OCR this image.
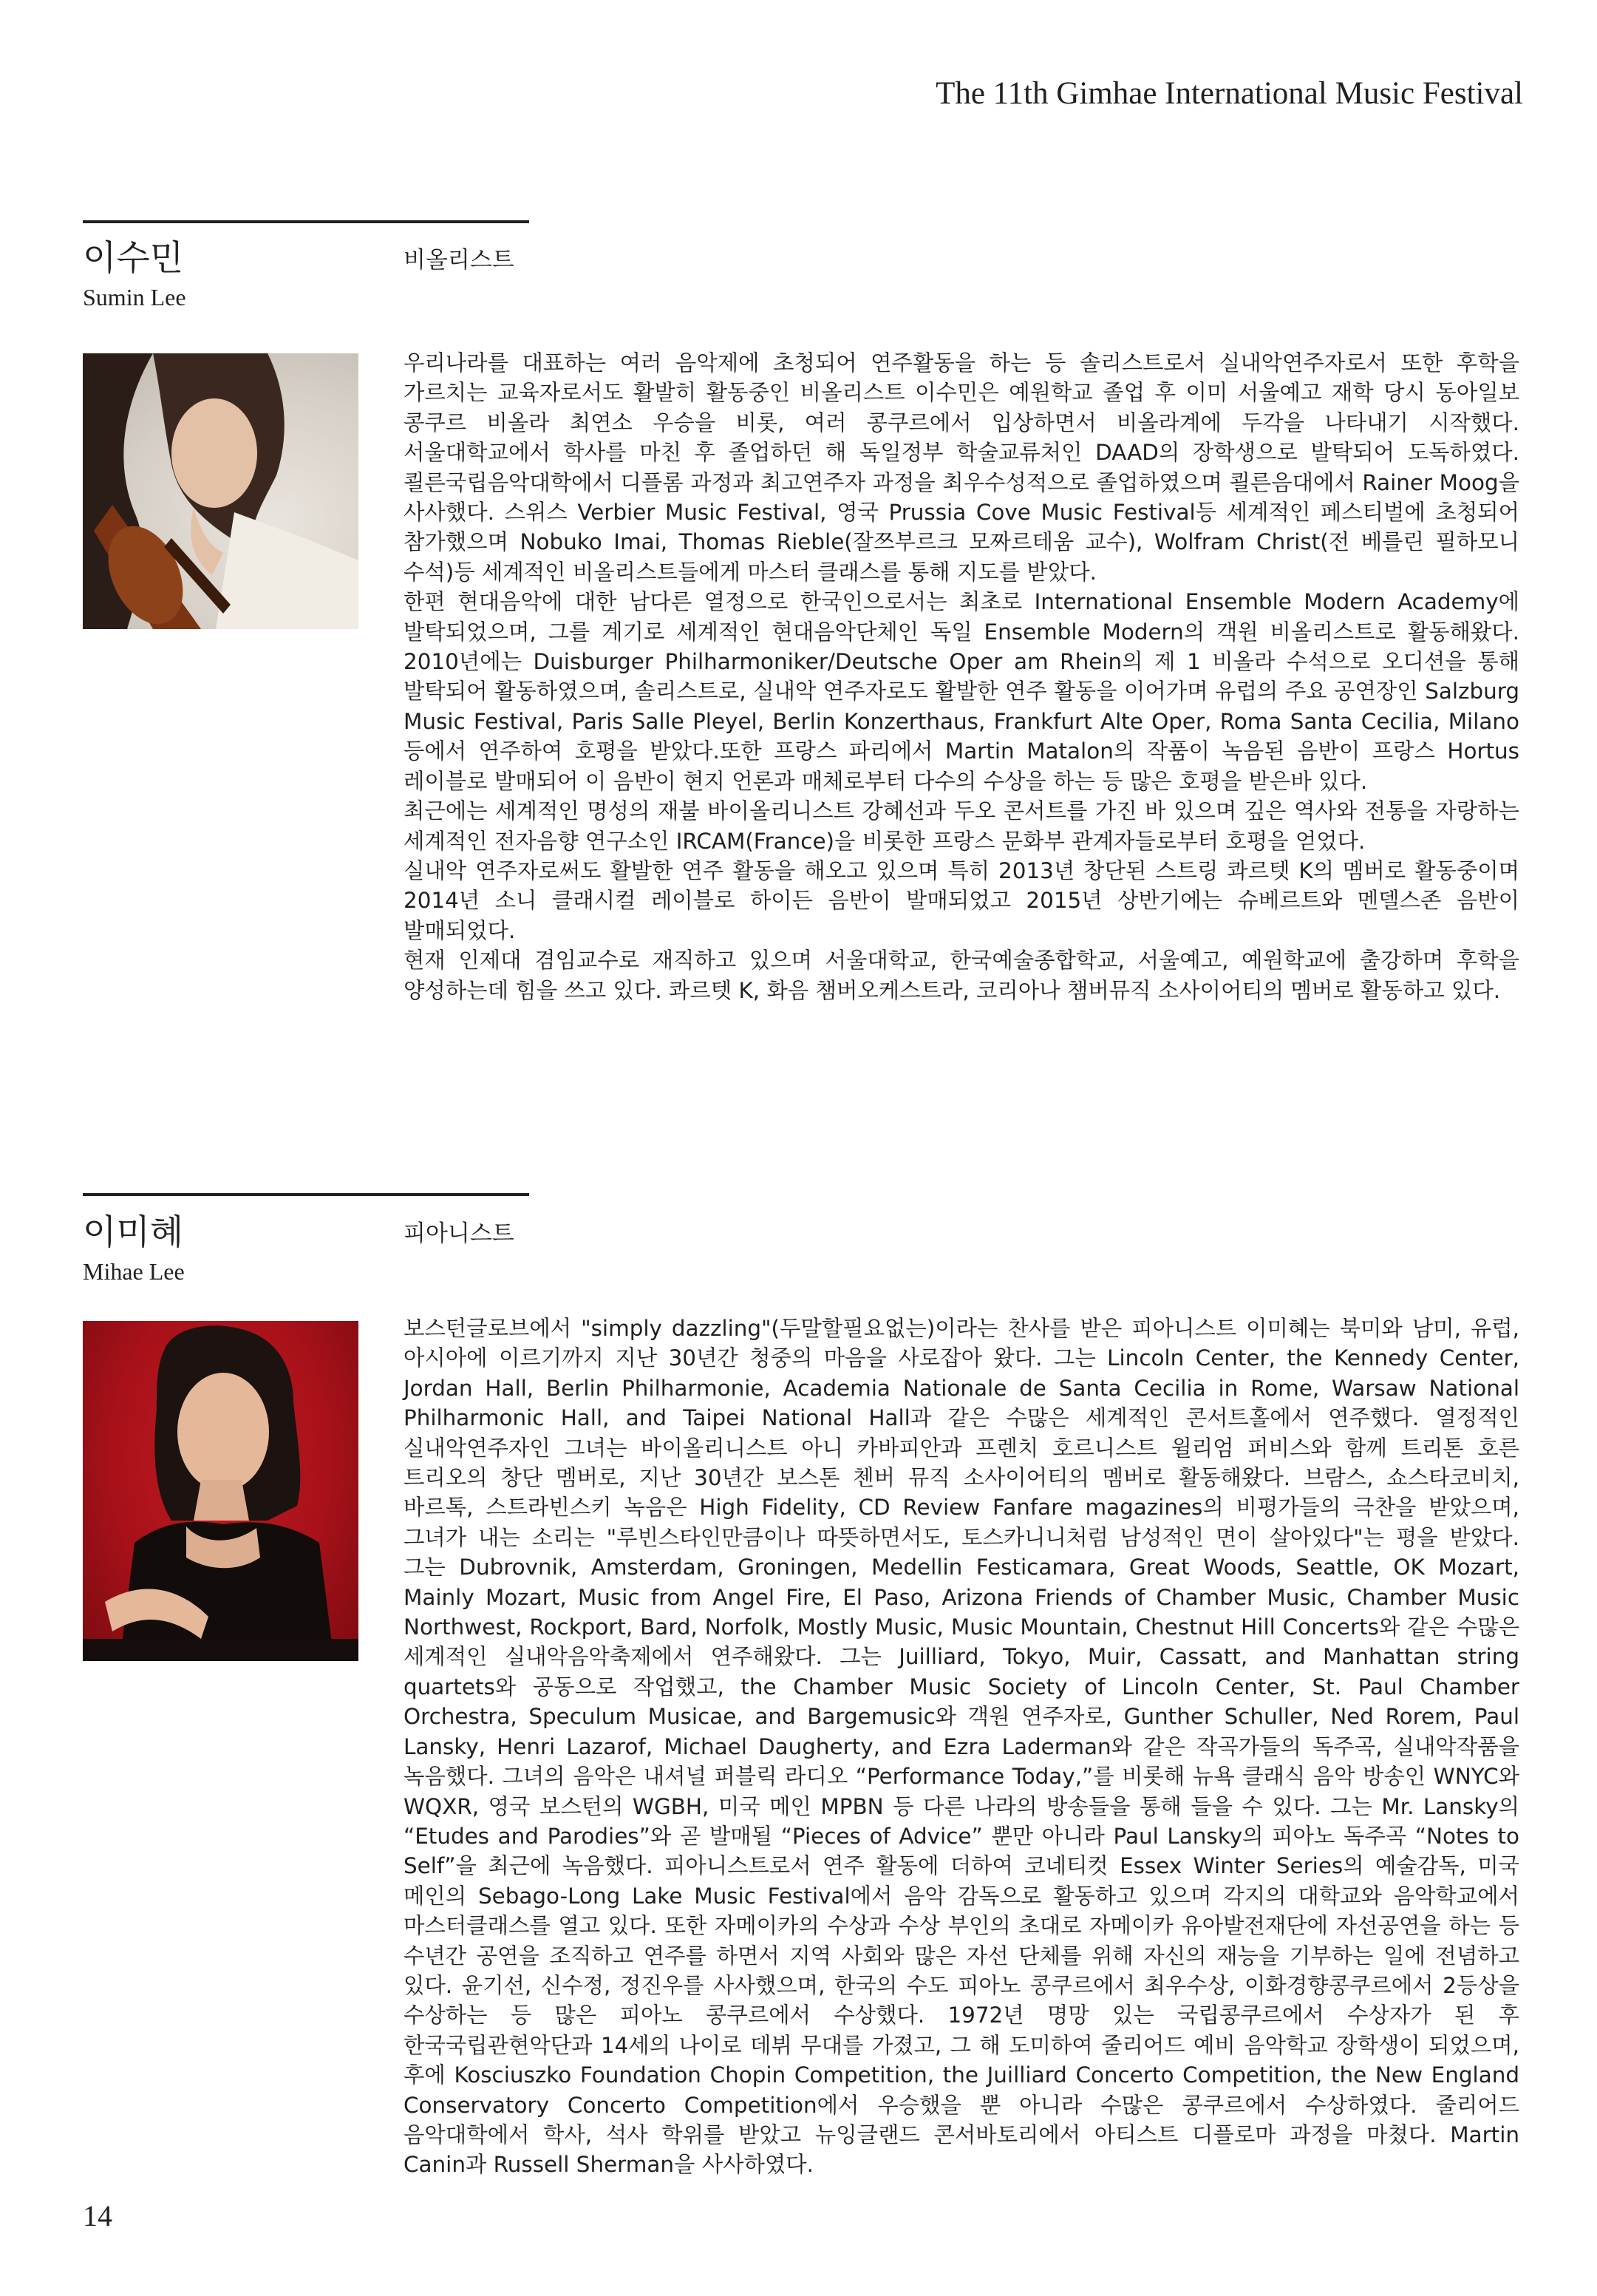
The 11th Gimhae International Music Festival
이수민
Sumin Lee
비올리스트

우리나라를 대표하는 여러 음악제에 초청되어 연주활동을 하는 등 솔리스트로서 실내악연주자로서 또한 후학을 가르치는 교육자로서도 활발히 활동중인 비올리스트 이수민은 예원학교 졸업 후 이미 서울예고 재학 당시 동아일보 콩쿠르 비올라 최연소 우승을 비롯, 여러 콩쿠르에서 입상하면서 비올라계에 두각을 나타내기 시작했다. 서울대학교에서 학사를 마친 후 졸업하던 해 독일정부 학술교류처인 DAAD의 장학생으로 발탁되어 도독하였다. 쾰른국립음악대학에서 디플롬 과정과 최고연주자 과정을 최우수성적으로 졸업하였으며 쾰른음대에서 Rainer Moog을 사사했다. 스위스 Verbier Music Festival, 영국 Prussia Cove Music Festival등 세계적인 페스티벌에 초청되어 참가했으며 Nobuko Imai, Thomas Rieble(잘쯔부르크 모짜르테움 교수), Wolfram Christ(전 베를린 필하모니 수석)등 세계적인 비올리스트들에게 마스터 클래스를 통해 지도를 받았다.

한편 현대음악에 대한 남다른 열정으로 한국인으로서는 최초로 International Ensemble Modern Academy에 발탁되었으며, 그를 계기로 세계적인 현대음악단체인 독일 Ensemble Modern의 객원 비올리스트로 활동해왔다. 2010년에는 Duisburger Philharmoniker/Deutsche Oper am Rhein의 제 1 비올라 수석으로 오디션을 통해 발탁되어 활동하였으며, 솔리스트로, 실내악 연주자로도 활발한 연주 활동을 이어가며 유럽의 주요 공연장인 Salzburg Music Festival, Paris Salle Pleyel, Berlin Konzerthaus, Frankfurt Alte Oper, Roma Santa Cecilia, Milano 등에서 연주하여 호평을 받았다.또한 프랑스 파리에서 Martin Matalon의 작품이 녹음된 음반이 프랑스 Hortus 레이블로 발매되어 이 음반이 현지 언론과 매체로부터 다수의 수상을 하는 등 많은 호평을 받은바 있다.

최근에는 세계적인 명성의 재불 바이올리니스트 강혜선과 두오 콘서트를 가진 바 있으며 깊은 역사와 전통을 자랑하는 세계적인 전자음향 연구소인 IRCAM(France)을 비롯한 프랑스 문화부 관계자들로부터 호평을 얻었다.

실내악 연주자로써도 활발한 연주 활동을 해오고 있으며 특히 2013년 창단된 스트링 콰르텟 K의 멤버로 활동중이며 2014년 소니 클래시컬 레이블로 하이든 음반이 발매되었고 2015년 상반기에는 슈베르트와 멘델스존 음반이 발매되었다.

현재 인제대 겸임교수로 재직하고 있으며 서울대학교, 한국예술종합학교, 서울예고, 예원학교에 출강하며 후학을 양성하는데 힘을 쓰고 있다. 콰르텟 K, 화음 챔버오케스트라, 코리아나 챔버뮤직 소사이어티의 멤버로 활동하고 있다.

이미혜
Mihae Lee
피아니스트

보스턴글로브에서 "simply dazzling"(두말할필요없는)이라는 찬사를 받은 피아니스트 이미혜는 북미와 남미, 유럽, 아시아에 이르기까지 지난 30년간 청중의 마음을 사로잡아 왔다. 그는 Lincoln Center, the Kennedy Center, Jordan Hall, Berlin Philharmonie, Academia Nationale de Santa Cecilia in Rome, Warsaw National Philharmonic Hall, and Taipei National Hall과 같은 수많은 세계적인 콘서트홀에서 연주했다. 열정적인 실내악연주자인 그녀는 바이올리니스트 아니 카바피안과 프렌치 호르니스트 윌리엄 퍼비스와 함께 트리톤 호른 트리오의 창단 멤버로, 지난 30년간 보스톤 첸버 뮤직 소사이어티의 멤버로 활동해왔다. 브람스, 쇼스타코비치, 바르톡, 스트라빈스키 녹음은 High Fidelity, CD Review Fanfare magazines의 비평가들의 극찬을 받았으며, 그녀가 내는 소리는 "루빈스타인만큼이나 따뜻하면서도, 토스카니니처럼 남성적인 면이 살아있다"는 평을 받았다. 그는 Dubrovnik, Amsterdam, Groningen, Medellin Festicamara, Great Woods, Seattle, OK Mozart, Mainly Mozart, Music from Angel Fire, El Paso, Arizona Friends of Chamber Music, Chamber Music Northwest, Rockport, Bard, Norfolk, Mostly Music, Music Mountain, Chestnut Hill Concerts와 같은 수많은 세계적인 실내악음악축제에서 연주해왔다. 그는 Juilliard, Tokyo, Muir, Cassatt, and Manhattan string quartets와 공동으로 작업했고, the Chamber Music Society of Lincoln Center, St. Paul Chamber Orchestra, Speculum Musicae, and Bargemusic와 객원 연주자로, Gunther Schuller, Ned Rorem, Paul Lansky, Henri Lazarof, Michael Daugherty, and Ezra Laderman와 같은 작곡가들의 독주곡, 실내악작품을 녹음했다. 그녀의 음악은 내셔널 퍼블릭 라디오 “Performance Today,”를 비롯해 뉴욕 클래식 음악 방송인 WNYC와 WQXR, 영국 보스턴의 WGBH, 미국 메인 MPBN 등 다른 나라의 방송들을 통해 들을 수 있다. 그는 Mr. Lansky의 “Etudes and Parodies”와 곧 발매될 “Pieces of Advice” 뿐만 아니라 Paul Lansky의 피아노 독주곡 “Notes to Self”을 최근에 녹음했다. 피아니스트로서 연주 활동에 더하여 코네티컷 Essex Winter Series의 예술감독, 미국 메인의 Sebago-Long Lake Music Festival에서 음악 감독으로 활동하고 있으며 각지의 대학교와 음악학교에서 마스터클래스를 열고 있다. 또한 자메이카의 수상과 수상 부인의 초대로 자메이카 유아발전재단에 자선공연을 하는 등 수년간 공연을 조직하고 연주를 하면서 지역 사회와 많은 자선 단체를 위해 자신의 재능을 기부하는 일에 전념하고 있다. 윤기선, 신수정, 정진우를 사사했으며, 한국의 수도 피아노 콩쿠르에서 최우수상, 이화경향콩쿠르에서 2등상을 수상하는 등 많은 피아노 콩쿠르에서 수상했다. 1972년 명망 있는 국립콩쿠르에서 수상자가 된 후 한국국립관현악단과 14세의 나이로 데뷔 무대를 가졌고, 그 해 도미하여 줄리어드 예비 음악학교 장학생이 되었으며, 후에 Kosciuszko Foundation Chopin Competition, the Juilliard Concerto Competition, the New England Conservatory Concerto Competition에서 우승했을 뿐 아니라 수많은 콩쿠르에서 수상하였다. 줄리어드 음악대학에서 학사, 석사 학위를 받았고 뉴잉글랜드 콘서바토리에서 아티스트 디플로마 과정을 마쳤다. Martin Canin과 Russell Sherman을 사사하였다.

14
